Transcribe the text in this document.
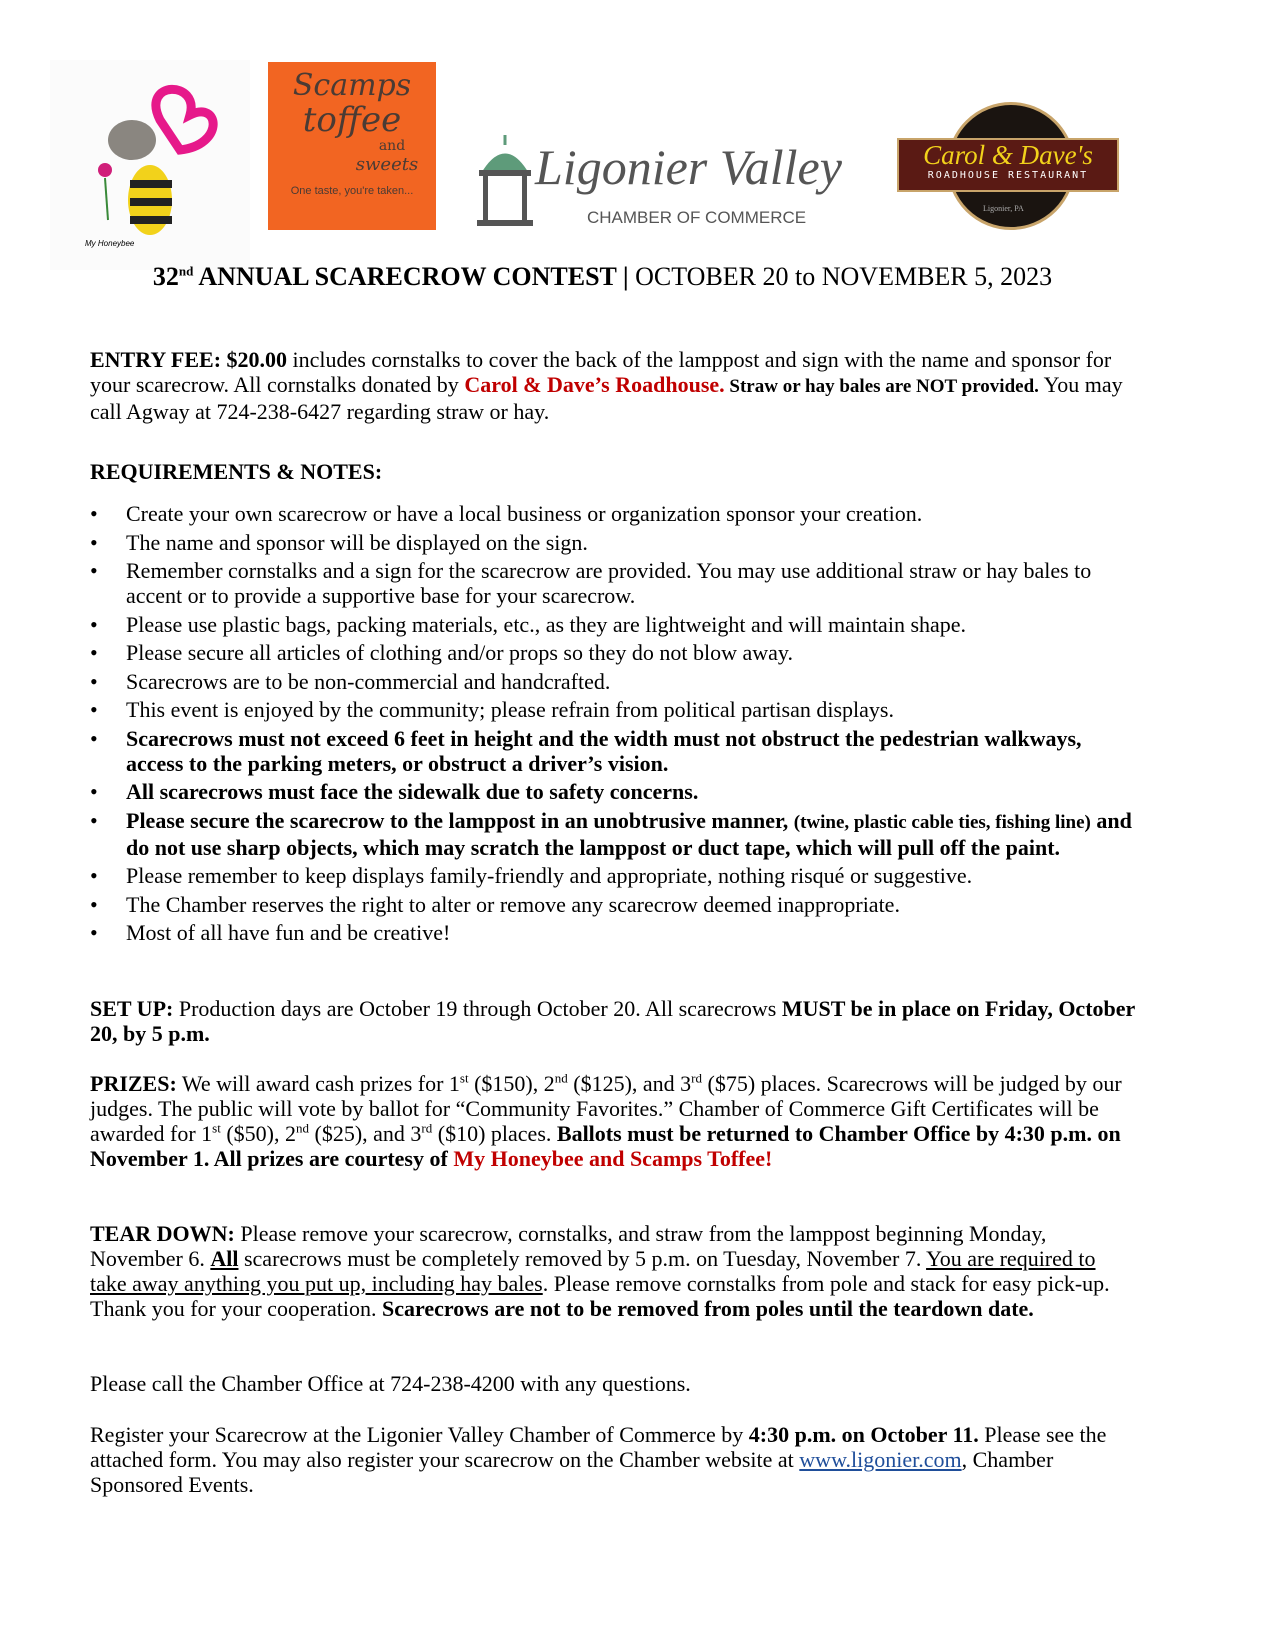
My Honeybee
Scamps
toffee
and
sweets
One taste, you're taken...	Ligonier Valley
CHAMBER OF COMMERCE
Carol & Dave's
ROADHOUSE RESTAURANT
Ligonier, PA
32nd ANNUAL SCARECROW CONTEST | OCTOBER 20 to NOVEMBER 5, 2023
ENTRY FEE: $20.00 includes cornstalks to cover the back of the lamppost and sign with the name and sponsor for your scarecrow. All cornstalks donated by Carol & Dave’s Roadhouse. Straw or hay bales are NOT provided. You may call Agway at 724-238-6427 regarding straw or hay.
REQUIREMENTS & NOTES:
• Create your own scarecrow or have a local business or organization sponsor your creation.
• The name and sponsor will be displayed on the sign.
• Remember cornstalks and a sign for the scarecrow are provided. You may use additional straw or hay bales to accent or to provide a supportive base for your scarecrow.
• Please use plastic bags, packing materials, etc., as they are lightweight and will maintain shape.
• Please secure all articles of clothing and/or props so they do not blow away.
• Scarecrows are to be non-commercial and handcrafted.
• This event is enjoyed by the community; please refrain from political partisan displays.
• Scarecrows must not exceed 6 feet in height and the width must not obstruct the pedestrian walkways, access to the parking meters, or obstruct a driver’s vision.
• All scarecrows must face the sidewalk due to safety concerns.
• Please secure the scarecrow to the lamppost in an unobtrusive manner, (twine, plastic cable ties, fishing line) and do not use sharp objects, which may scratch the lamppost or duct tape, which will pull off the paint.
• Please remember to keep displays family-friendly and appropriate, nothing risqué or suggestive.
• The Chamber reserves the right to alter or remove any scarecrow deemed inappropriate.
• Most of all have fun and be creative!
SET UP: Production days are October 19 through October 20. All scarecrows MUST be in place on Friday, October 20, by 5 p.m.
PRIZES: We will award cash prizes for 1st ($150), 2nd ($125), and 3rd ($75) places. Scarecrows will be judged by our judges. The public will vote by ballot for “Community Favorites.” Chamber of Commerce Gift Certificates will be awarded for 1st ($50), 2nd ($25), and 3rd ($10) places. Ballots must be returned to Chamber Office by 4:30 p.m. on November 1. All prizes are courtesy of My Honeybee and Scamps Toffee!
TEAR DOWN: Please remove your scarecrow, cornstalks, and straw from the lamppost beginning Monday, November 6. All scarecrows must be completely removed by 5 p.m. on Tuesday, November 7. You are required to take away anything you put up, including hay bales. Please remove cornstalks from pole and stack for easy pick-up. Thank you for your cooperation. Scarecrows are not to be removed from poles until the teardown date.
Please call the Chamber Office at 724-238-4200 with any questions.
Register your Scarecrow at the Ligonier Valley Chamber of Commerce by 4:30 p.m. on October 11. Please see the attached form. You may also register your scarecrow on the Chamber website at www.ligonier.com, Chamber Sponsored Events.
